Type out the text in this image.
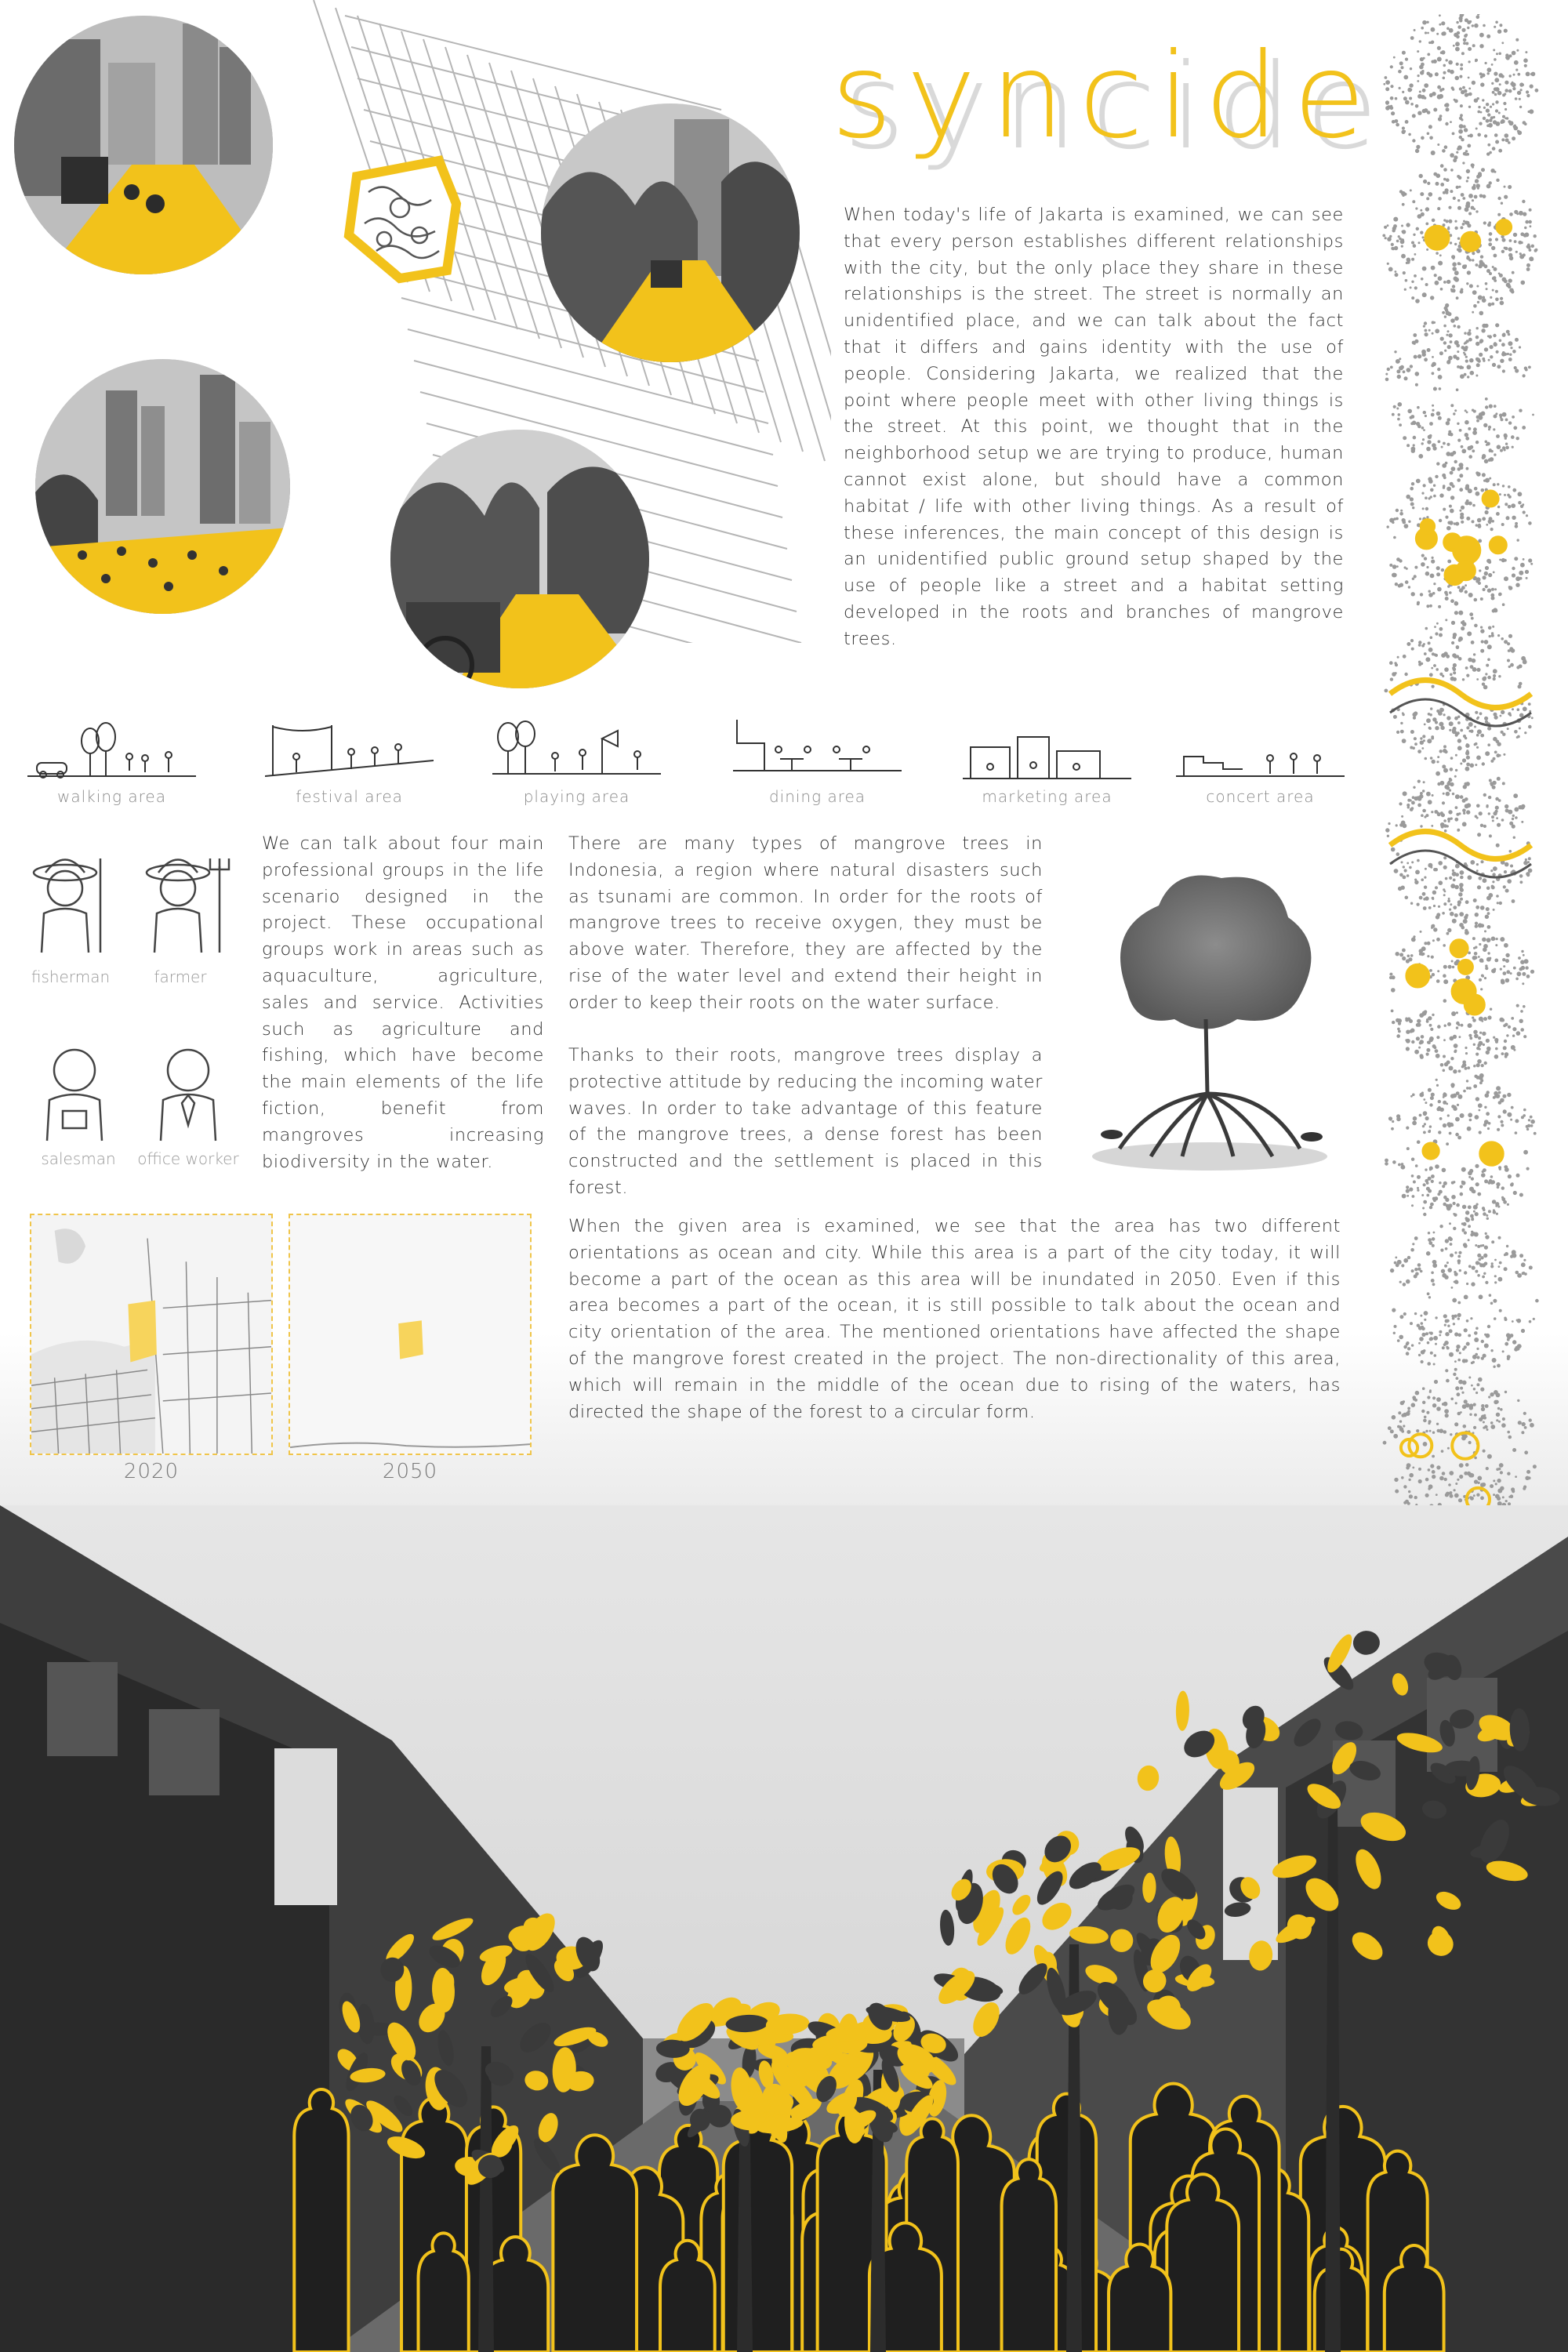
syncide
When today's life of Jakarta is examined, we can see that every person establishes different relationships with the city, but the only place they share in these relationships is the street. The street is normally an unidentified place, and we can talk about the fact that it differs and gains identity with the use of people. Considering Jakarta, we realized that the point where people meet with other living things is the street. At this point, we thought that in the neighborhood setup we are trying to produce, human cannot exist alone, but should have a common habitat / life with other living things. As a result of these inferences, the main concept of this design is an unidentified public ground setup shaped by the use of people like a street and a habitat setting developed in the roots and branches of mangrove trees.
walking area	festival area	playing area	dining area	marketing area	concert area
fisherman	farmer
salesman	office worker
We can talk about four main professional groups in the life scenario designed in the project. These occupational groups work in areas such as aquaculture, agriculture, sales and service. Activities such as agriculture and fishing, which have become the main elements of the life fiction, benefit from mangroves increasing biodiversity in the water.
There are many types of mangrove trees in Indonesia, a region where natural disasters such as tsunami are common. In order for the roots of mangrove trees to receive oxygen, they must be above water. Therefore, they are affected by the rise of the water level and extend their height in order to keep their roots on the water surface.
Thanks to their roots, mangrove trees display a protective attitude by reducing the incoming water waves. In order to take advantage of this feature of the mangrove trees, a dense forest has been constructed and the settlement is placed in this forest.
When the given area is examined, we see that the area has two different orientations as ocean and city. While this area is a part of the city today, it will become a part of the ocean as this area will be inundated in 2050. Even if this area becomes a part of the ocean, it is still possible to talk about the ocean and city orientation of the area. The mentioned orientations have affected the shape of the mangrove forest created in the project. The non-directionality of this area, which will remain in the middle of the ocean due to rising of the waters, has directed the shape of the forest to a circular form.
2020	2050
